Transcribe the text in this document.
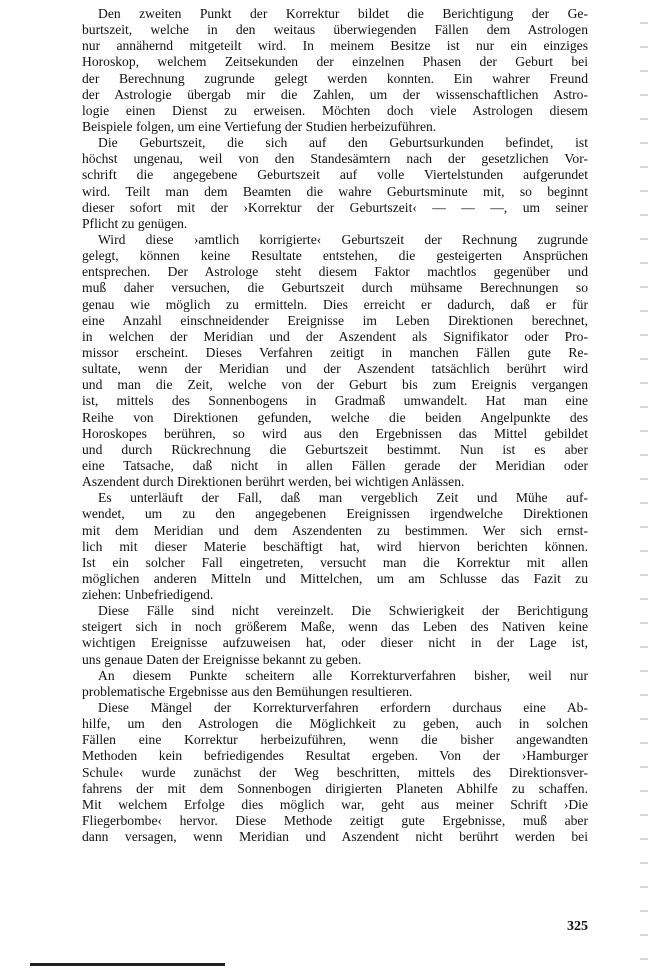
Den zweiten Punkt der Korrektur bildet die Berichtigung der Ge-
burtszeit, welche in den weitaus überwiegenden Fällen dem Astrologen
nur annähernd mitgeteilt wird. In meinem Besitze ist nur ein einziges
Horoskop, welchem Zeitsekunden der einzelnen Phasen der Geburt bei
der Berechnung zugrunde gelegt werden konnten. Ein wahrer Freund
der Astrologie übergab mir die Zahlen, um der wissenschaftlichen Astro-
logie einen Dienst zu erweisen. Möchten doch viele Astrologen diesem
Beispiele folgen, um eine Vertiefung der Studien herbeizuführen.
Die Geburtszeit, die sich auf den Geburtsurkunden befindet, ist
höchst ungenau, weil von den Standesämtern nach der gesetzlichen Vor-
schrift die angegebene Geburtszeit auf volle Viertelstunden aufgerundet
wird. Teilt man dem Beamten die wahre Geburtsminute mit, so beginnt
dieser sofort mit der ›Korrektur der Geburtszeit‹ — — —, um seiner
Pflicht zu genügen.
Wird diese ›amtlich korrigierte‹ Geburtszeit der Rechnung zugrunde
gelegt, können keine Resultate entstehen, die gesteigerten Ansprüchen
entsprechen. Der Astrologe steht diesem Faktor machtlos gegenüber und
muß daher versuchen, die Geburtszeit durch mühsame Berechnungen so
genau wie möglich zu ermitteln. Dies erreicht er dadurch, daß er für
eine Anzahl einschneidender Ereignisse im Leben Direktionen berechnet,
in welchen der Meridian und der Aszendent als Signifikator oder Pro-
missor erscheint. Dieses Verfahren zeitigt in manchen Fällen gute Re-
sultate, wenn der Meridian und der Aszendent tatsächlich berührt wird
und man die Zeit, welche von der Geburt bis zum Ereignis vergangen
ist, mittels des Sonnenbogens in Gradmaß umwandelt. Hat man eine
Reihe von Direktionen gefunden, welche die beiden Angelpunkte des
Horoskopes berühren, so wird aus den Ergebnissen das Mittel gebildet
und durch Rückrechnung die Geburtszeit bestimmt. Nun ist es aber
eine Tatsache, daß nicht in allen Fällen gerade der Meridian oder
Aszendent durch Direktionen berührt werden, bei wichtigen Anlässen.
Es unterläuft der Fall, daß man vergeblich Zeit und Mühe auf-
wendet, um zu den angegebenen Ereignissen irgendwelche Direktionen
mit dem Meridian und dem Aszendenten zu bestimmen. Wer sich ernst-
lich mit dieser Materie beschäftigt hat, wird hiervon berichten können.
Ist ein solcher Fall eingetreten, versucht man die Korrektur mit allen
möglichen anderen Mitteln und Mittelchen, um am Schlusse das Fazit zu
ziehen: Unbefriedigend.
Diese Fälle sind nicht vereinzelt. Die Schwierigkeit der Berichtigung
steigert sich in noch größerem Maße, wenn das Leben des Nativen keine
wichtigen Ereignisse aufzuweisen hat, oder dieser nicht in der Lage ist,
uns genaue Daten der Ereignisse bekannt zu geben.
An diesem Punkte scheitern alle Korrekturverfahren bisher, weil nur
problematische Ergebnisse aus den Bemühungen resultieren.
Diese Mängel der Korrekturverfahren erfordern durchaus eine Ab-
hilfe, um den Astrologen die Möglichkeit zu geben, auch in solchen
Fällen eine Korrektur herbeizuführen, wenn die bisher angewandten
Methoden kein befriedigendes Resultat ergeben. Von der ›Hamburger
Schule‹ wurde zunächst der Weg beschritten, mittels des Direktionsver-
fahrens der mit dem Sonnenbogen dirigierten Planeten Abhilfe zu schaffen.
Mit welchem Erfolge dies möglich war, geht aus meiner Schrift ›Die
Fliegerbombe‹ hervor. Diese Methode zeitigt gute Ergebnisse, muß aber
dann versagen, wenn Meridian und Aszendent nicht berührt werden bei
325
